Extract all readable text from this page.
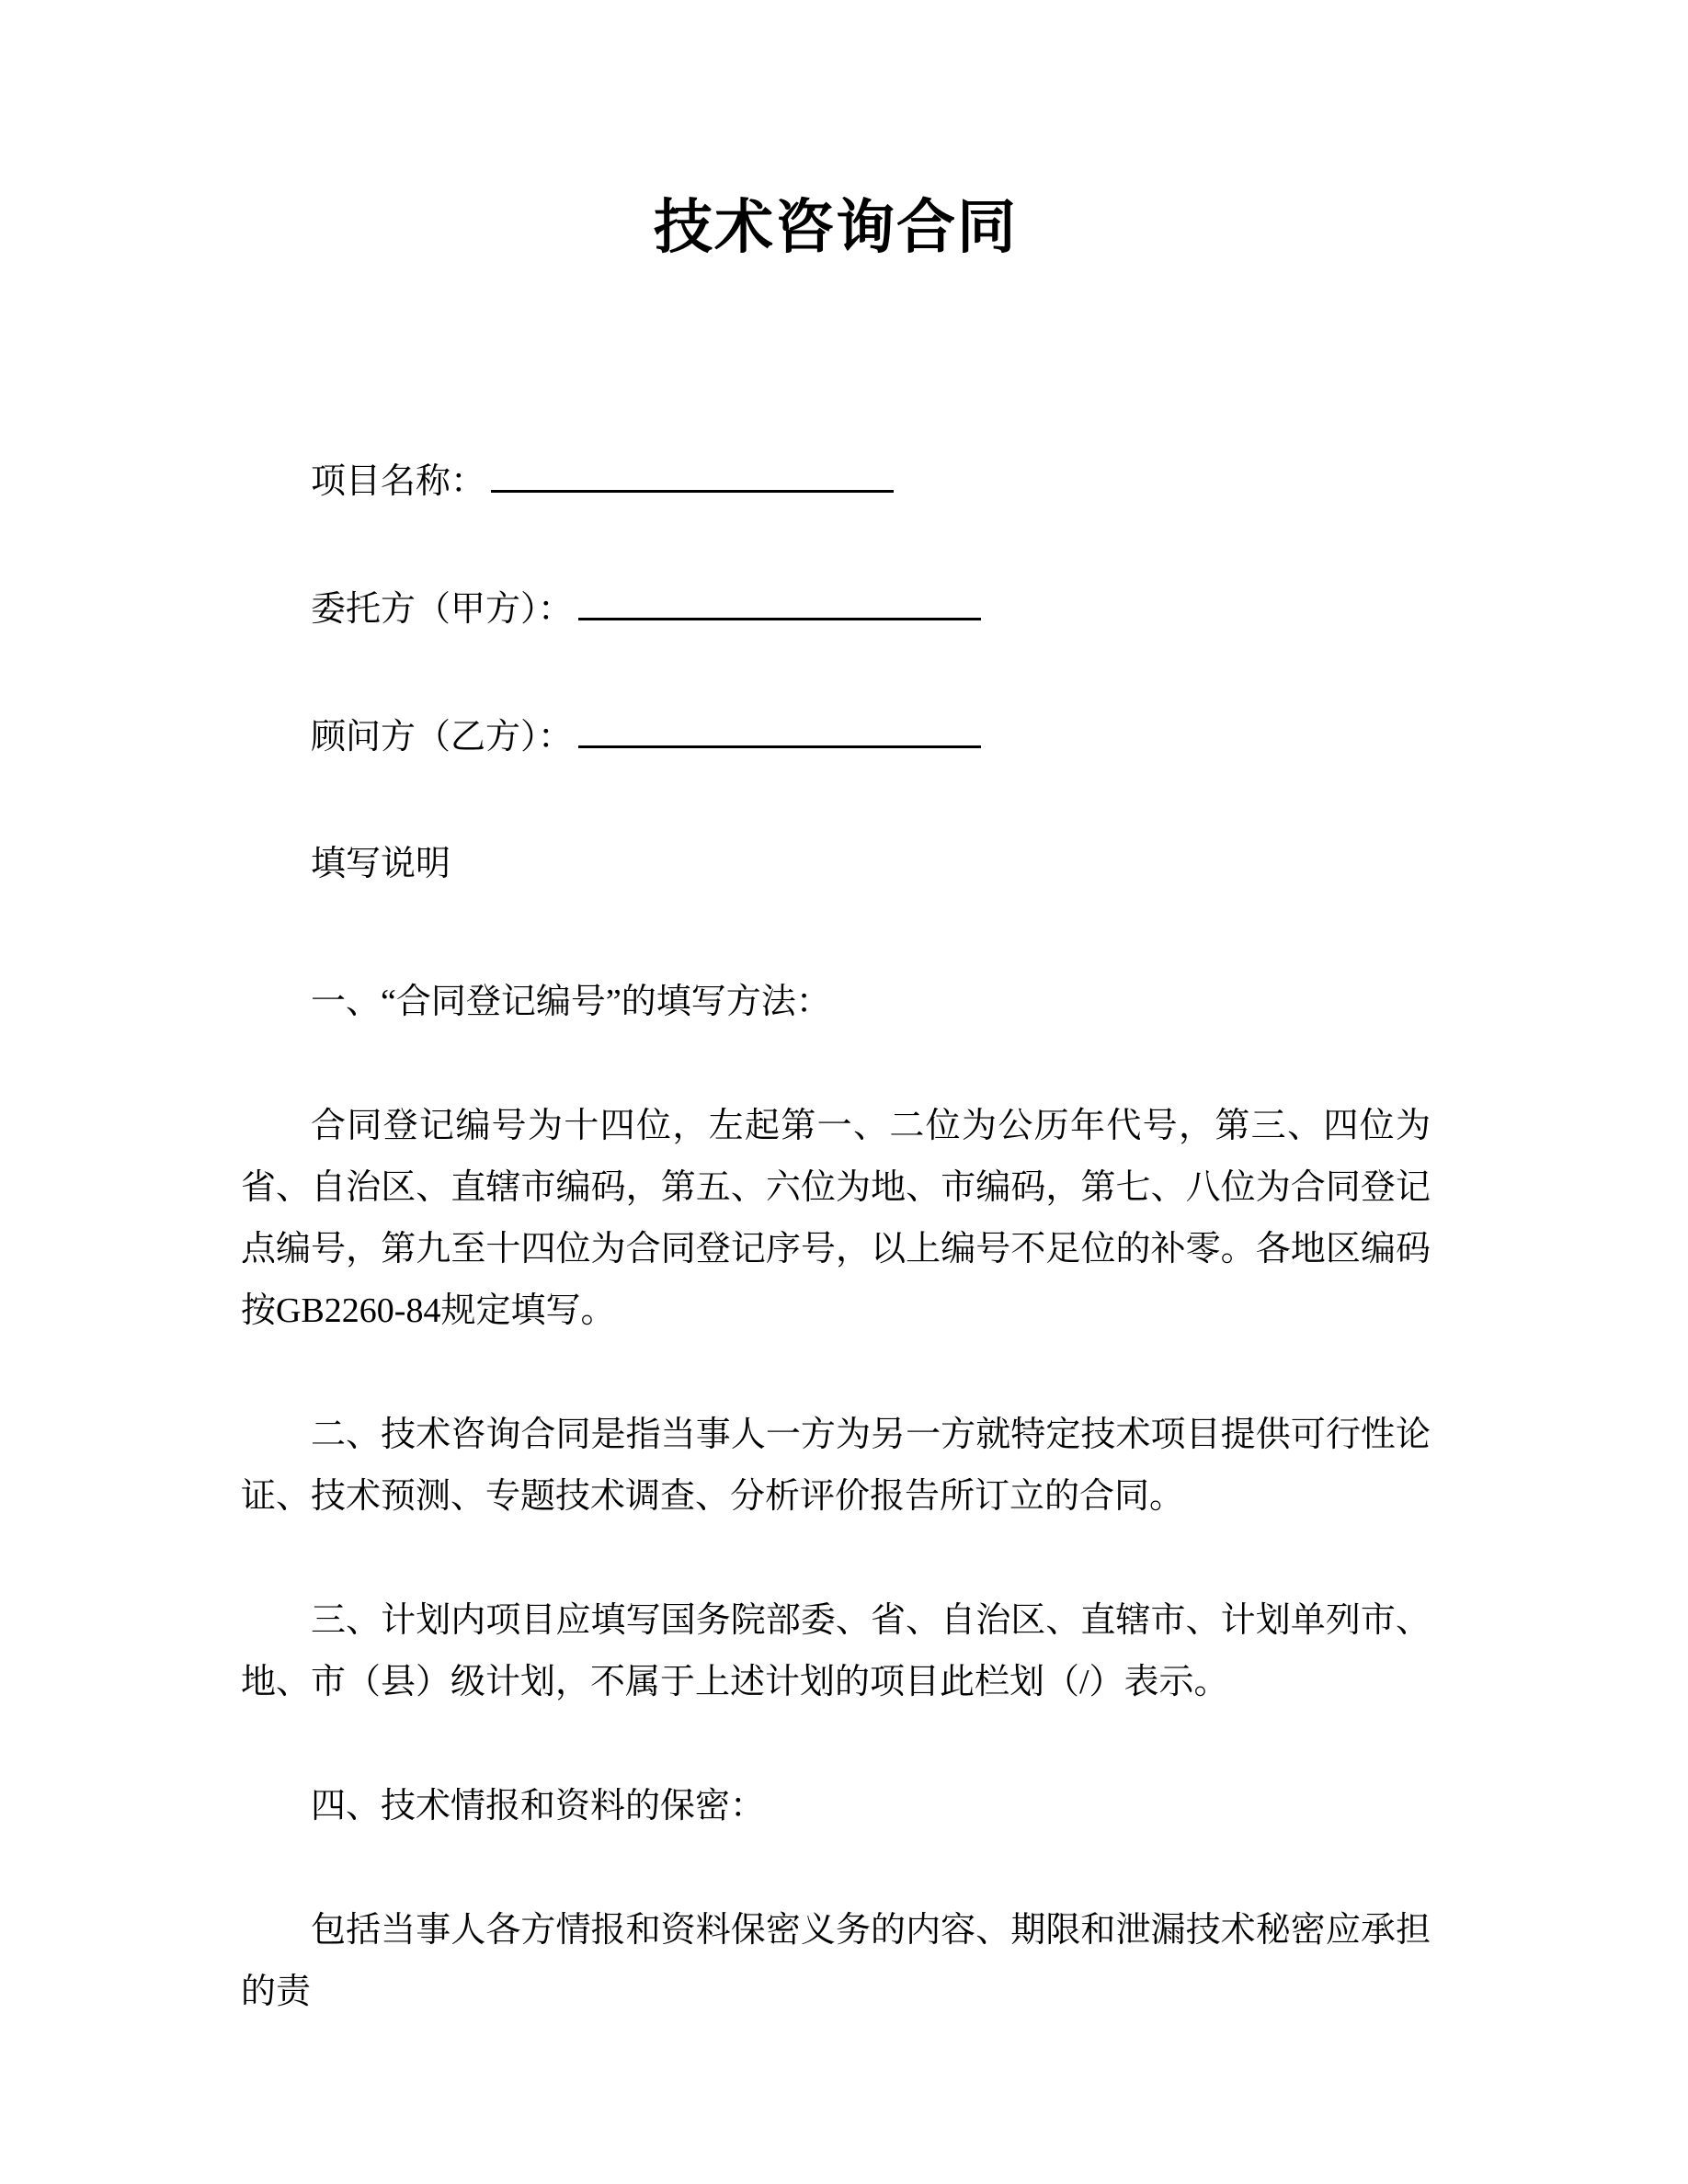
技术咨询合同
项目名称：
委托方（甲方）：
顾问方（乙方）：

填写说明

一、“合同登记编号”的填写方法：

合同登记编号为十四位，左起第一、二位为公历年代号，第三、四位为省、自治区、直辖市编码，第五、六位为地、市编码，第七、八位为合同登记点编号，第九至十四位为合同登记序号，以上编号不足位的补零。各地区编码按GB2260-84规定填写。

二、技术咨询合同是指当事人一方为另一方就特定技术项目提供可行性论证、技术预测、专题技术调查、分析评价报告所订立的合同。

三、计划内项目应填写国务院部委、省、自治区、直辖市、计划单列市、地、市（县）级计划，不属于上述计划的项目此栏划（/）表示。

四、技术情报和资料的保密：

包括当事人各方情报和资料保密义务的内容、期限和泄漏技术秘密应承担的责
